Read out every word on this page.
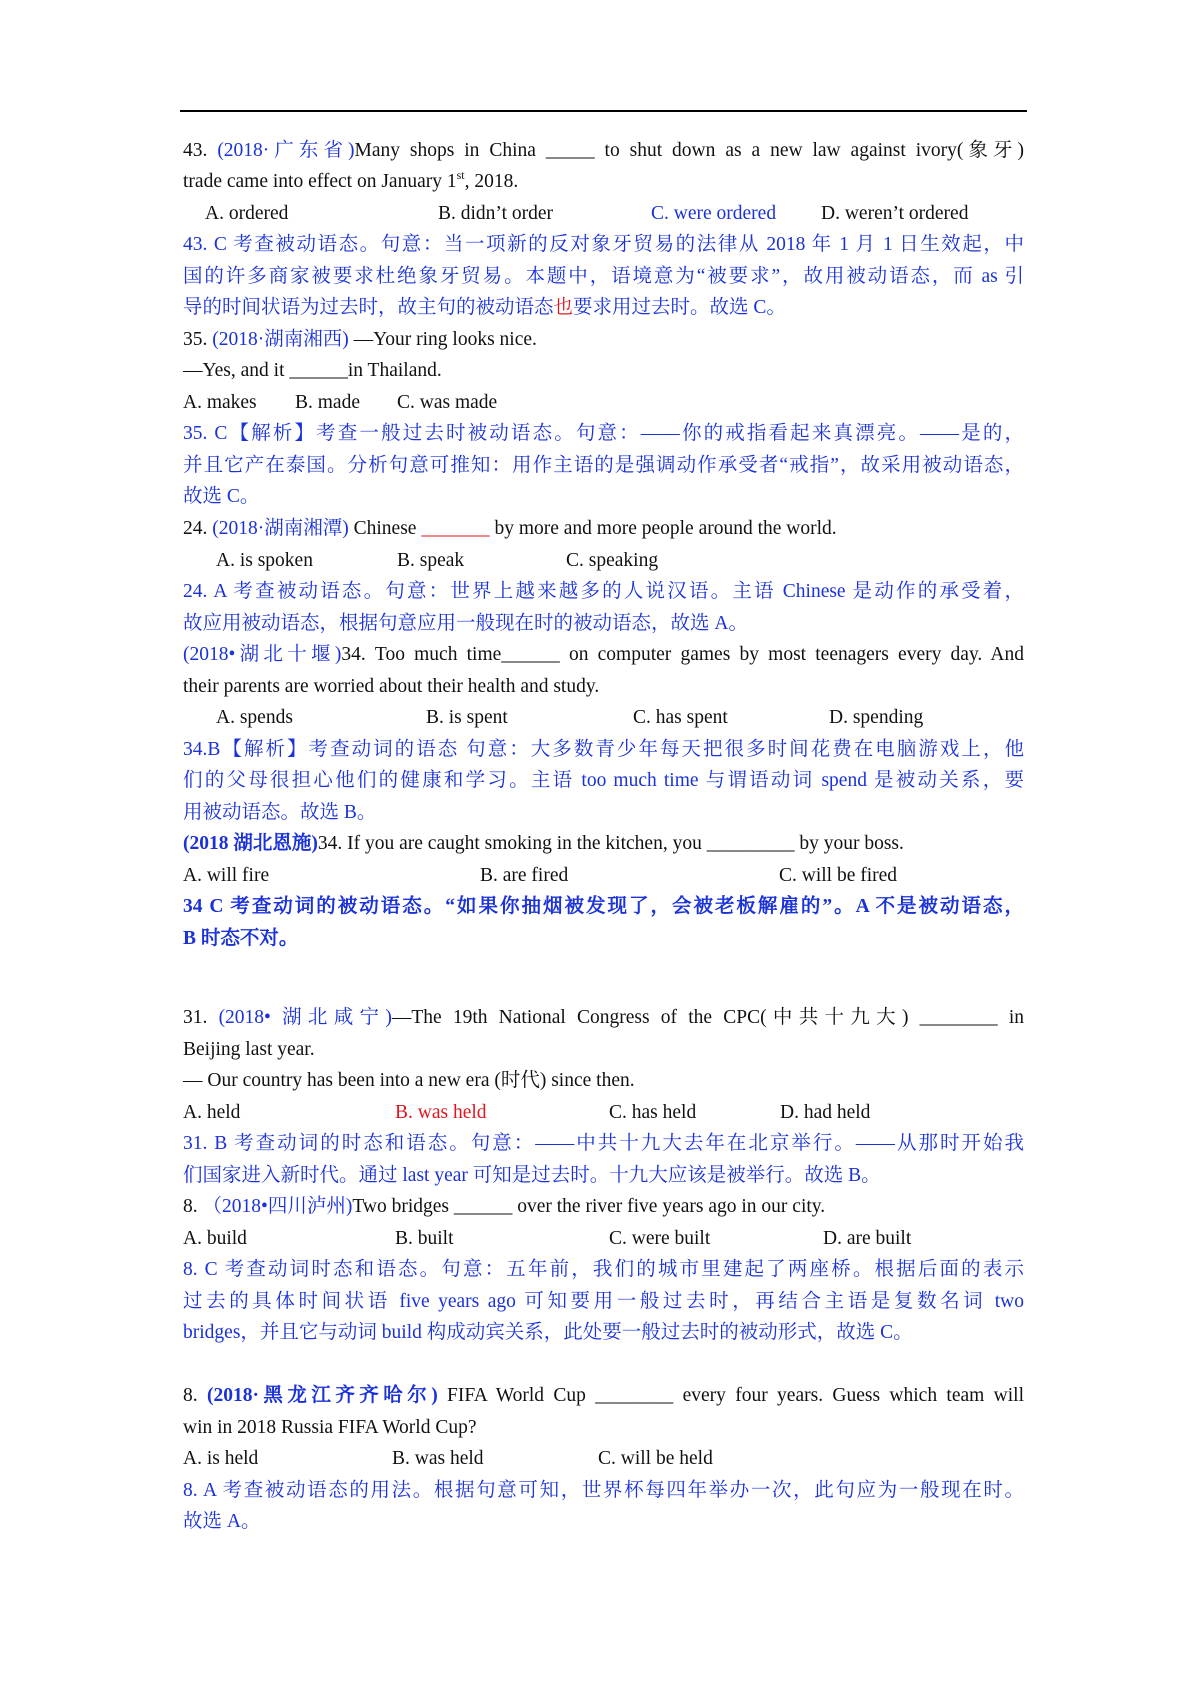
43. (2018·广东省)Many shops in China _____ to shut down as a new law against ivory(象牙)
trade came into effect on January 1st, 2018.
A. ordered	B. didn’t order	C. were ordered D. weren’t ordered
43. C 考查被动语态。句意：当一项新的反对象牙贸易的法律从 2018 年 1 月 1 日生效起，中
国的许多商家被要求杜绝象牙贸易。本题中，语境意为“被要求”，故用被动语态，而 as 引
导的时间状语为过去时，故主句的被动语态也要求用过去时。故选 C。
35. (2018·湖南湘西) —Your ring looks nice.
—Yes, and it ______in Thailand.
A. makes B. made C. was made
35. C【解析】考查一般过去时被动语态。句意：——你的戒指看起来真漂亮。——是的，
并且它产在泰国。分析句意可推知：用作主语的是强调动作承受者“戒指”，故采用被动语态，
故选 C。
24. (2018·湖南湘潭) Chinese _______ by more and more people around the world.
A. is spoken	B. speak	C. speaking
24. A 考查被动语态。句意：世界上越来越多的人说汉语。主语 Chinese 是动作的承受着，
故应用被动语态，根据句意应用一般现在时的被动语态，故选 A。
(2018•湖北十堰)34. Too much time______ on computer games by most teenagers every day. And
their parents are worried about their health and study.
A. spends	B. is spent	C. has spent	D. spending
34.B【解析】考查动词的语态 句意：大多数青少年每天把很多时间花费在电脑游戏上，他
们的父母很担心他们的健康和学习。主语 too much time 与谓语动词 spend 是被动关系，要
用被动语态。故选 B。
(2018 湖北恩施)34. If you are caught smoking in the kitchen, you _________ by your boss.
A. will fire	B. are fired	C. will be fired
34 C 考查动词的被动语态。“如果你抽烟被发现了，会被老板解雇的”。A 不是被动语态，
B 时态不对。
31. (2018• 湖北咸宁)—The 19th National Congress of the CPC(中共十九大) ________ in
Beijing last year.
— Our country has been into a new era (时代) since then.
A. held	B. was held	C. has held	D. had held
31. B 考查动词的时态和语态。句意：——中共十九大去年在北京举行。——从那时开始我
们国家进入新时代。通过 last year 可知是过去时。十九大应该是被举行。故选 B。
8. （2018•四川泸州)Two bridges ______ over the river five years ago in our city.
A. build	B. built	C. were built	D. are built
8. C 考查动词时态和语态。句意：五年前，我们的城市里建起了两座桥。根据后面的表示
过去的具体时间状语 five years ago 可知要用一般过去时，再结合主语是复数名词 two
bridges，并且它与动词 build 构成动宾关系，此处要一般过去时的被动形式，故选 C。
8. (2018·黑龙江齐齐哈尔) FIFA World Cup ________ every four years. Guess which team will
win in 2018 Russia FIFA World Cup?
A. is held	B. was held	C. will be held
8. A 考查被动语态的用法。根据句意可知，世界杯每四年举办一次，此句应为一般现在时。
故选 A。
